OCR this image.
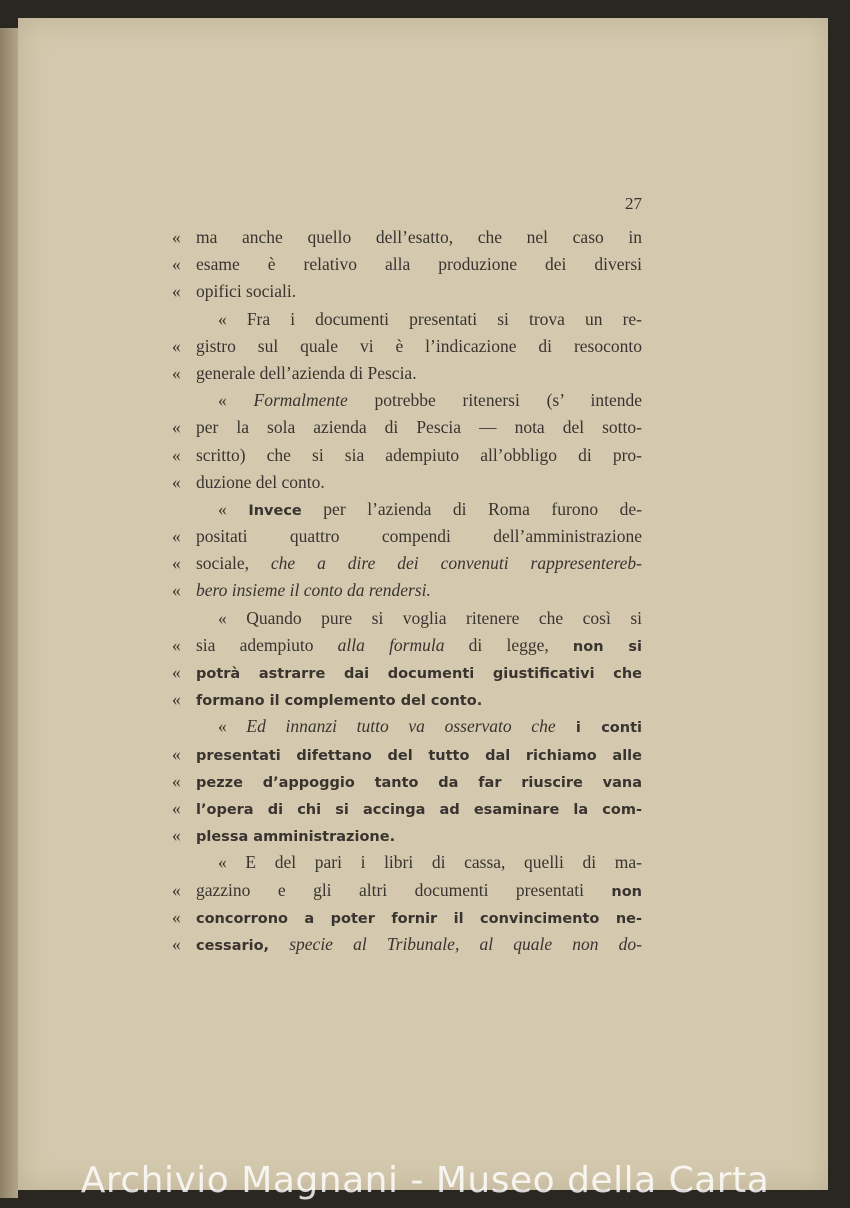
27
« ma anche quello dell’esatto, che nel caso in
« esame è relativo alla produzione dei diversi
« opifici sociali.
« Fra i documenti presentati si trova un re-
« gistro sul quale vi è l’indicazione di resoconto
« generale dell’azienda di Pescia.
« Formalmente potrebbe ritenersi (s’ intende
« per la sola azienda di Pescia — nota del sotto-
« scritto) che si sia adempiuto all’obbligo di pro-
« duzione del conto.
« Invece per l’azienda di Roma furono de-
« positati quattro compendi dell’amministrazione
« sociale, che a dire dei convenuti rappresentereb-
« bero insieme il conto da rendersi.
« Quando pure si voglia ritenere che così si
« sia adempiuto alla formula di legge, non si
«	potrà astrarre dai documenti giustificativi che
«	formano il complemento del conto.
« Ed innanzi tutto va osservato che i conti
«	presentati difettano del tutto dal richiamo alle
«	pezze d’appoggio tanto da far riuscire vana
«	l’opera di chi si accinga ad esaminare la com-
«	plessa amministrazione.
« E del pari i libri di cassa, quelli di ma-
« gazzino e gli altri documenti presentati non
«	concorrono a poter fornir il convincimento ne-
«	cessario, specie al Tribunale, al quale non do-
Archivio Magnani - Museo della Carta
